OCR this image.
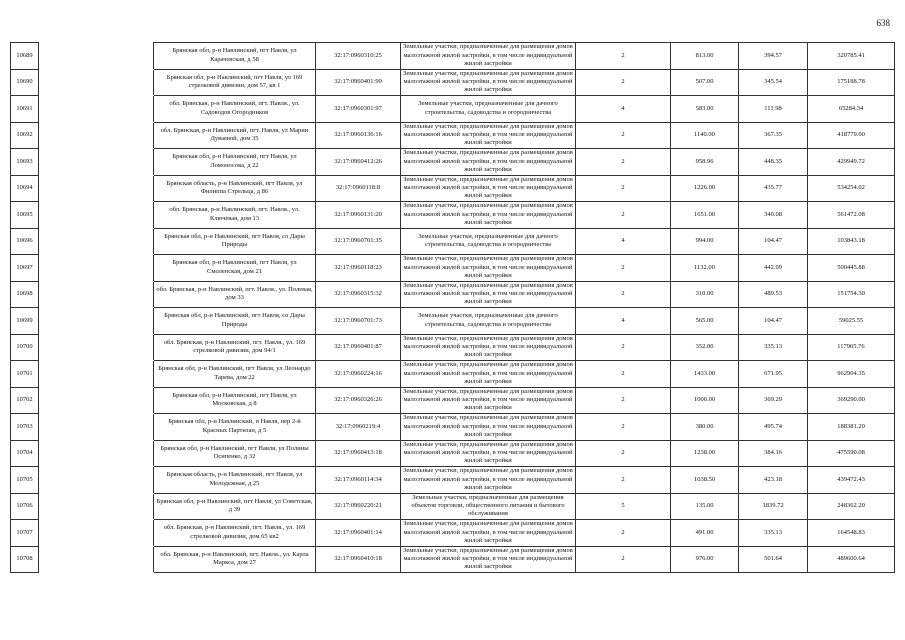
638
10689		Брянская обл, р-н Навлинский, пгт Навля, ул Карачевская, д 58	32:17:0960310:25	Земельные участки, предназначенные для размещения домов малоэтажной жилой застройки, в том числе индивидуальной жилой застройки	2	813.00	394.57	320785.41
10690		Брянская обл, р-н Навлинский, пгт Навля, ул 169 стрелковой дивизии, дом 57, кв 1	32:17:0960401:99	Земельные участки, предназначенные для размещения домов малоэтажной жилой застройки, в том числе индивидуальной жилой застройки	2	507.00	345.54	175188.78
10691		обл. Брянская, р-н Навлинский, пгт. Навля., ул. Садоводов Огородников	32:17:0960301:97	Земельные участки, предназначенные для дачного строительства, садоводства и огородничества	4	583.00	111.98	65284.34
10692		обл. Брянская, р-н Навлинский, пгт. Навля, ул Марии Дуваевой, дом 35	32:17:0960136:16	Земельные участки, предназначенные для размещения домов малоэтажной жилой застройки, в том числе индивидуальной жилой застройки	2	1140.00	367.35	418779.00
10693		Брянская обл, р-н Навлинский, пгт Навля, ул Ломоносова, д 22	32:17:0960412:26	Земельные участки, предназначенные для размещения домов малоэтажной жилой застройки, в том числе индивидуальной жилой застройки	2	958.96	448.35	429949.72
10694		Брянская область, р-н Навлинский, пгт Навля, ул Филиппа Стрельца, д 86	32:17:0960118:8	Земельные участки, предназначенные для размещения домов малоэтажной жилой застройки, в том числе индивидуальной жилой застройки	2	1226.00	435.77	534254.02
10695		обл. Брянская, р-н Навлинский, пгт. Навля., ул. Ключевая, дом 13	32:17:0960131:20	Земельные участки, предназначенные для размещения домов малоэтажной жилой застройки, в том числе индивидуальной жилой застройки	2	1651.00	340.08	561472.08
10696		Брянская обл, р-н Навлинский, пгт Навля, со Дары Природы	32:17:0960701:35	Земельные участки, предназначенные для дачного строительства, садоводства и огородничества	4	994.00	104.47	103843.18
10697		Брянская обл, р-н Навлинский, пгт Навля, ул Смоленская, дом 21	32:17:0960118:23	Земельные участки, предназначенные для размещения домов малоэтажной жилой застройки, в том числе индивидуальной жилой застройки	2	1132.00	442.09	500445.88
10698		обл. Брянская, р-н Навлинский, пгт. Навля., ул. Полевая, дом 33	32:17:0960315:32	Земельные участки, предназначенные для размещения домов малоэтажной жилой застройки, в том числе индивидуальной жилой застройки	2	310.00	489.53	151754.30
10699		Брянская обл, р-н Навлинский, пгт Навля, со Дары Природы	32:17:0960701:73	Земельные участки, предназначенные для дачного строительства, садоводства и огородничества	4	565.00	104.47	59025.55
10700		обл. Брянская, р-н Навлинский, пгт. Навля., ул. 169 стрелковой дивизии, дом 94/1	32:17:0960401:87	Земельные участки, предназначенные для размещения домов малоэтажной жилой застройки, в том числе индивидуальной жилой застройки	2	352.00	335.13	117965.76
10701		Брянская обл, р-н Навлинский, пгт Навля, ул Леонардо Тарева, дом 22	32:17:0960224:16	Земельные участки, предназначенные для размещения домов малоэтажной жилой застройки, в том числе индивидуальной жилой застройки	2	1433.00	671.95	962904.35
10702		Брянская обл, р-н Навлинский, пгт Навля, ул Московская, д 8	32:17:0960326:26	Земельные участки, предназначенные для размещения домов малоэтажной жилой застройки, в том числе индивидуальной жилой застройки	2	1000.00	369.29	369290.00
10703		Брянская обл, р-н Навлинский, п Навля, пер 2-й Красных Партизан, д 5	32:17:0960219:4	Земельные участки, предназначенные для размещения домов малоэтажной жилой застройки, в том числе индивидуальной жилой застройки	2	380.00	495.74	188381.20
10704		Брянская обл, р-н Навлинский, пгт Навля, ул Полины Осипенко, д 32	32:17:0960413:18	Земельные участки, предназначенные для размещения домов малоэтажной жилой застройки, в том числе индивидуальной жилой застройки	2	1238.00	384.16	475590.08
10705		Брянская область, р-н Навлинский, пгт Навля, ул Молодежная, д 25	32:17:0960114:34	Земельные участки, предназначенные для размещения домов малоэтажной жилой застройки, в том числе индивидуальной жилой застройки	2	1038.50	423.18	439472.43
10706		Брянская обл, р-н Навлинский, пгт Навля, ул Советская, д 39	32:17:0960220:21	Земельные участки, предназначенные для размещения объектов торговли, общественного питания и бытового обслуживания	5	135.00	1839.72	248362.20
10707		обл. Брянская, р-н Навлинский, пгт. Навля., ул. 169 стрелковой дивизии, дом 65 кв2	32:17:0960401:14	Земельные участки, предназначенные для размещения домов малоэтажной жилой застройки, в том числе индивидуальной жилой застройки	2	491.00	335.13	164548.83
10708		обл. Брянская, р-н Навлинский, пгт. Навля., ул. Карла Маркса, дом 27	32:17:0960410:18	Земельные участки, предназначенные для размещения домов малоэтажной жилой застройки, в том числе индивидуальной жилой застройки	2	976.00	501.64	489600.64
